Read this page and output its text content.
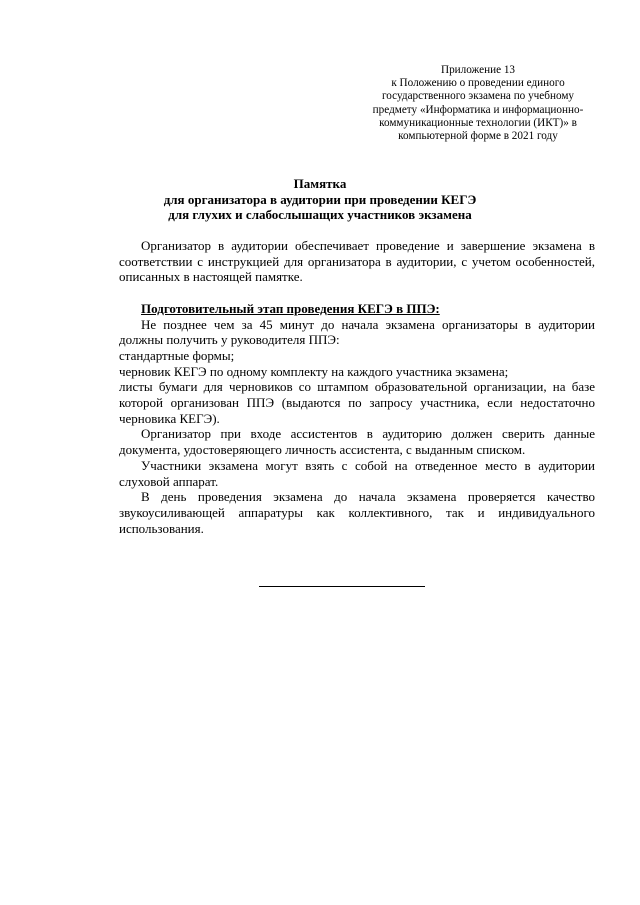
Приложение 13
к Положению о проведении единого
государственного экзамена по учебному
предмету «Информатика и информационно-
коммуникационные технологии (ИКТ)» в
компьютерной форме в 2021 году
Памятка
для организатора в аудитории при проведении КЕГЭ
для глухих и слабослышащих участников экзамена

Организатор в аудитории обеспечивает проведение и завершение экзамена в соответствии с инструкцией для организатора в аудитории, с учетом особенностей, описанных в настоящей памятке.

Подготовительный этап проведения КЕГЭ в ППЭ:

Не позднее чем за 45 минут до начала экзамена организаторы в аудитории должны получить у руководителя ППЭ:

стандартные формы;

черновик КЕГЭ по одному комплекту на каждого участника экзамена;

листы бумаги для черновиков со штампом образовательной организации, на базе которой организован ППЭ (выдаются по запросу участника, если недостаточно черновика КЕГЭ).

Организатор при входе ассистентов в аудиторию должен сверить данные документа, удостоверяющего личность ассистента, с выданным списком.

Участники экзамена могут взять с собой на отведенное место в аудитории слуховой аппарат.

В день проведения экзамена до начала экзамена проверяется качество звукоусиливающей аппаратуры как коллективного, так и индивидуального использования.
